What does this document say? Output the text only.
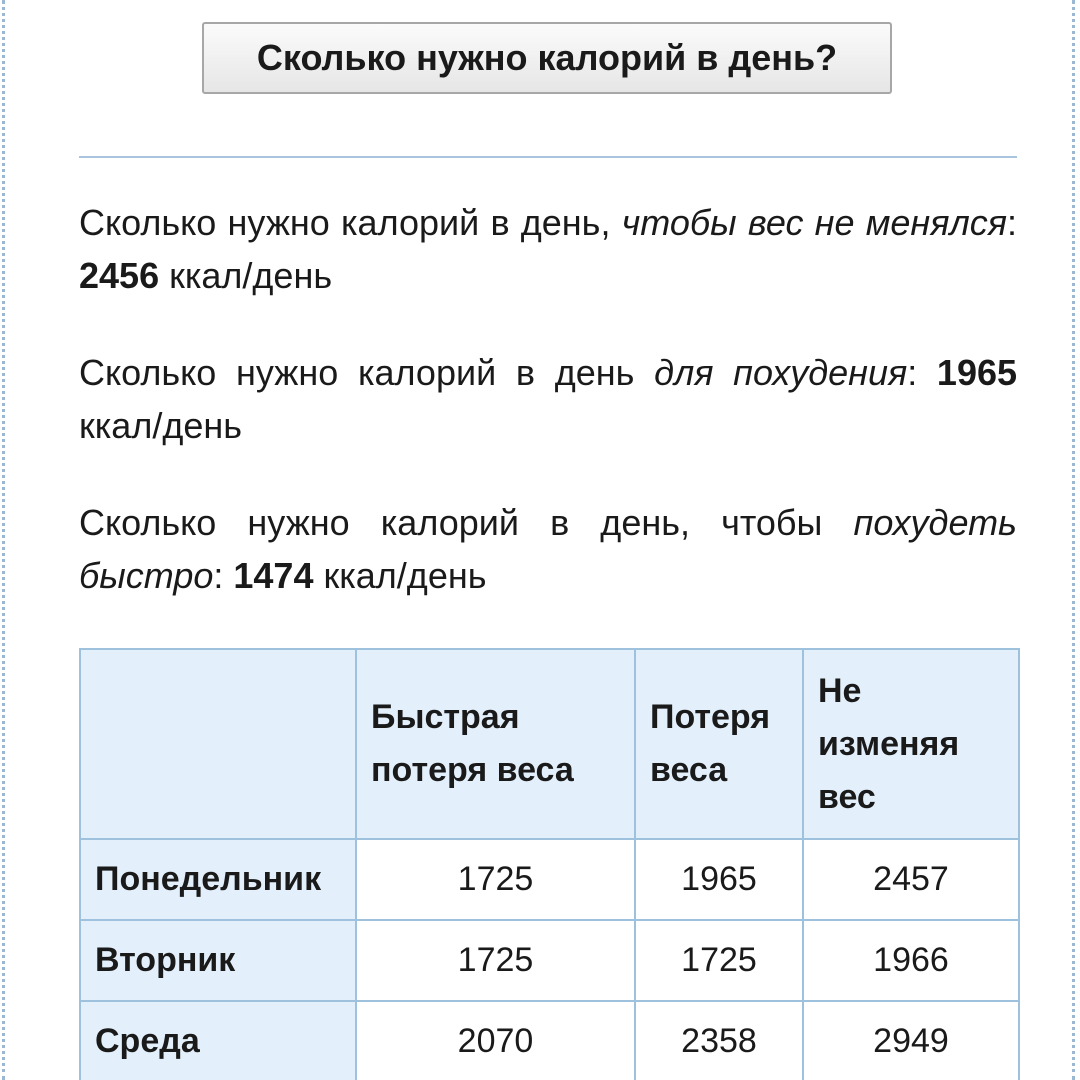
Сколько нужно калорий в день?

Сколько нужно калорий в день, чтобы вес не менялся: 2456 ккал/день

Сколько нужно калорий в день для похудения: 1965 ккал/день

Сколько нужно калорий в день, чтобы похудеть быстро: 1474 ккал/день

	Быстрая потеря веса	Потеря веса	Не изменяя вес
Понедельник	1725	1965	2457
Вторник	1725	1725	1966
Среда	2070	2358	2949
